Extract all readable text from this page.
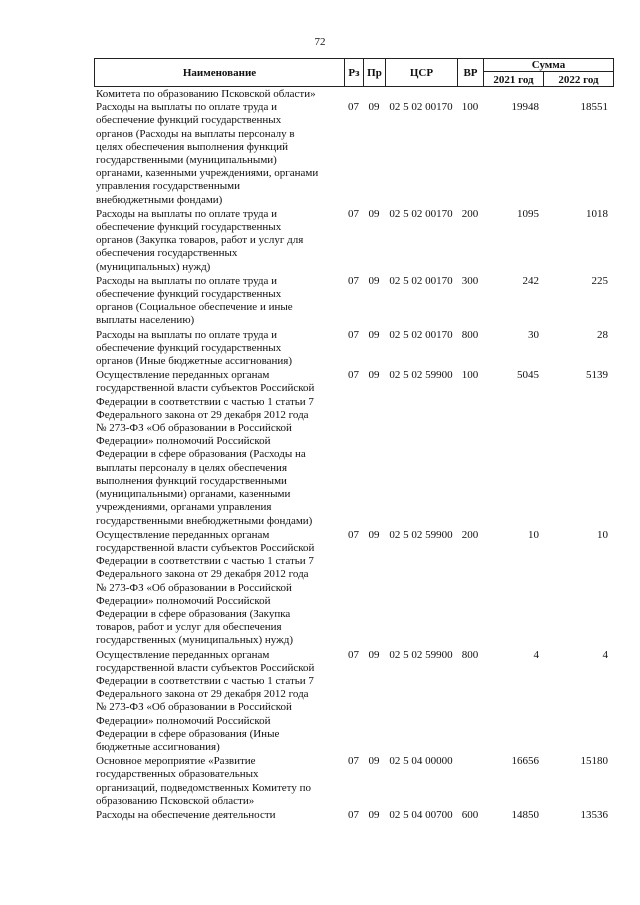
72
Наименование	Рз Пр	ЦСР	ВР
Сумма
2021 год	2022 год
Комитета по образованию Псковской области»
Расходы на выплаты по оплате труда и
обеспечение функций государственных
органов (Расходы на выплаты персоналу в
целях обеспечения выполнения функций
государственными (муниципальными)
органами, казенными учреждениями, органами
управления государственными
внебюджетными фондами)
07 09 02 5 02 00170 100	19948	18551
Расходы на выплаты по оплате труда и
обеспечение функций государственных
органов (Закупка товаров, работ и услуг для
обеспечения государственных
(муниципальных) нужд)
07 09 02 5 02 00170 200	1095	1018
Расходы на выплаты по оплате труда и
обеспечение функций государственных
органов (Социальное обеспечение и иные
выплаты населению)
07 09 02 5 02 00170 300	242	225
Расходы на выплаты по оплате труда и
обеспечение функций государственных
органов (Иные бюджетные ассигнования)
07 09 02 5 02 00170 800	30	28
Осуществление переданных органам
государственной власти субъектов Российской
Федерации в соответствии с частью 1 статьи 7
Федерального закона от 29 декабря 2012 года
№ 273-ФЗ «Об образовании в Российской
Федерации» полномочий Российской
Федерации в сфере образования (Расходы на
выплаты персоналу в целях обеспечения
выполнения функций государственными
(муниципальными) органами, казенными
учреждениями, органами управления
государственными внебюджетными фондами)
07 09 02 5 02 59900 100	5045	5139
Осуществление переданных органам
государственной власти субъектов Российской
Федерации в соответствии с частью 1 статьи 7
Федерального закона от 29 декабря 2012 года
№ 273-ФЗ «Об образовании в Российской
Федерации» полномочий Российской
Федерации в сфере образования (Закупка
товаров, работ и услуг для обеспечения
государственных (муниципальных) нужд)
07 09 02 5 02 59900 200	10	10
Осуществление переданных органам
государственной власти субъектов Российской
Федерации в соответствии с частью 1 статьи 7
Федерального закона от 29 декабря 2012 года
№ 273-ФЗ «Об образовании в Российской
Федерации» полномочий Российской
Федерации в сфере образования (Иные
бюджетные ассигнования)
07 09 02 5 02 59900 800	4	4
Основное мероприятие «Развитие
государственных образовательных
организаций, подведомственных Комитету по
образованию Псковской области»
07 09 02 5 04 00000	16656	15180
Расходы на обеспечение деятельности	07 09 02 5 04 00700 600	14850	13536
